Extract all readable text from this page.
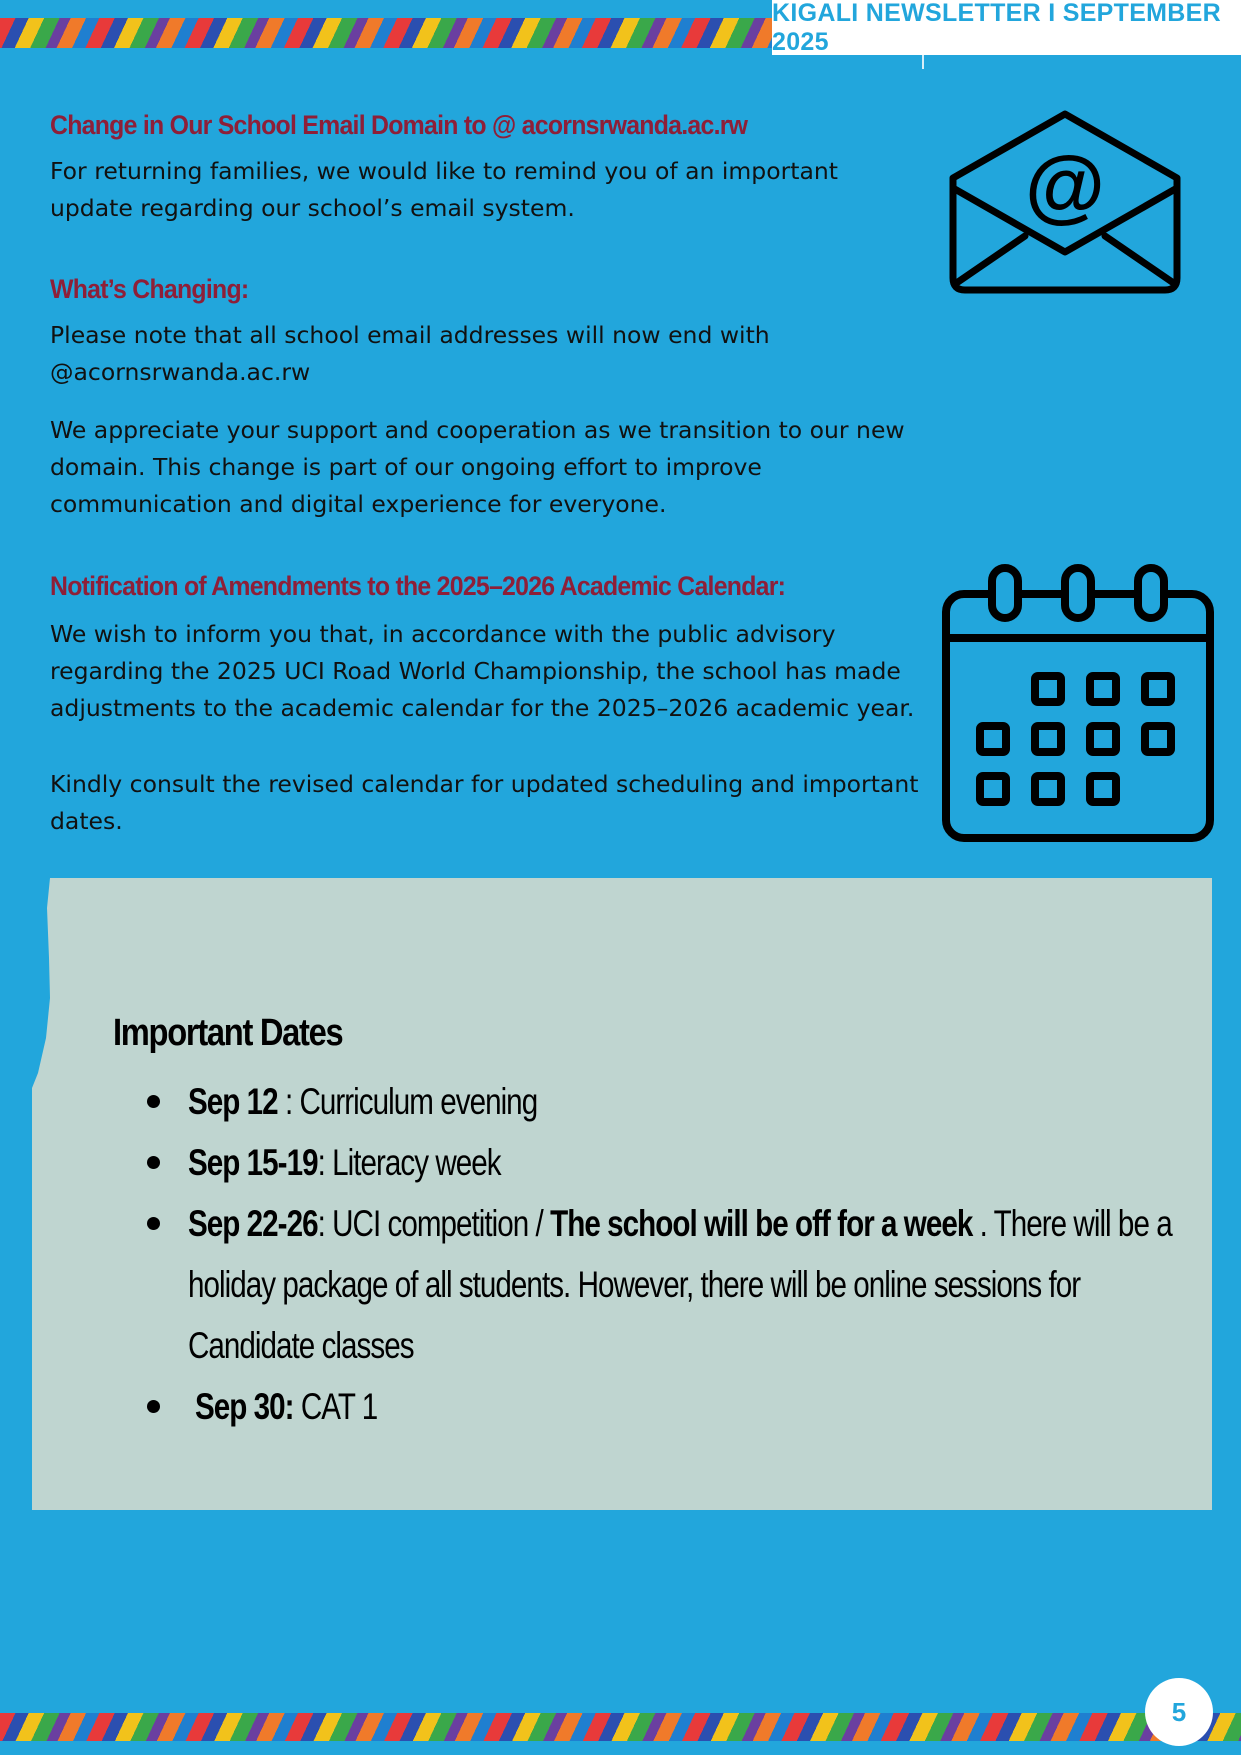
KIGALI NEWSLETTER I SEPTEMBER 2025
Change in Our School Email Domain to @ acornsrwanda.ac.rw

For returning families, we would like to remind you of an important update regarding our school’s email system.

What’s Changing:

Please note that all school email addresses will now end with @acornsrwanda.ac.rw

We appreciate your support and cooperation as we transition to our new domain. This change is part of our ongoing effort to improve communication and digital experience for everyone.

@
Notification of Amendments to the 2025–2026 Academic Calendar:

We wish to inform you that, in accordance with the public advisory regarding the 2025 UCI Road World Championship, the school has made adjustments to the academic calendar for the 2025–2026 academic year.

Kindly consult the revised calendar for updated scheduling and important dates.

Important Dates
Sep 12 : Curriculum evening
Sep 15-19: Literacy week
Sep 22-26: UCI competition / The school will be off for a week . There will be a holiday package of all students. However, there will be online sessions for Candidate classes
Sep 30: CAT 1
5
